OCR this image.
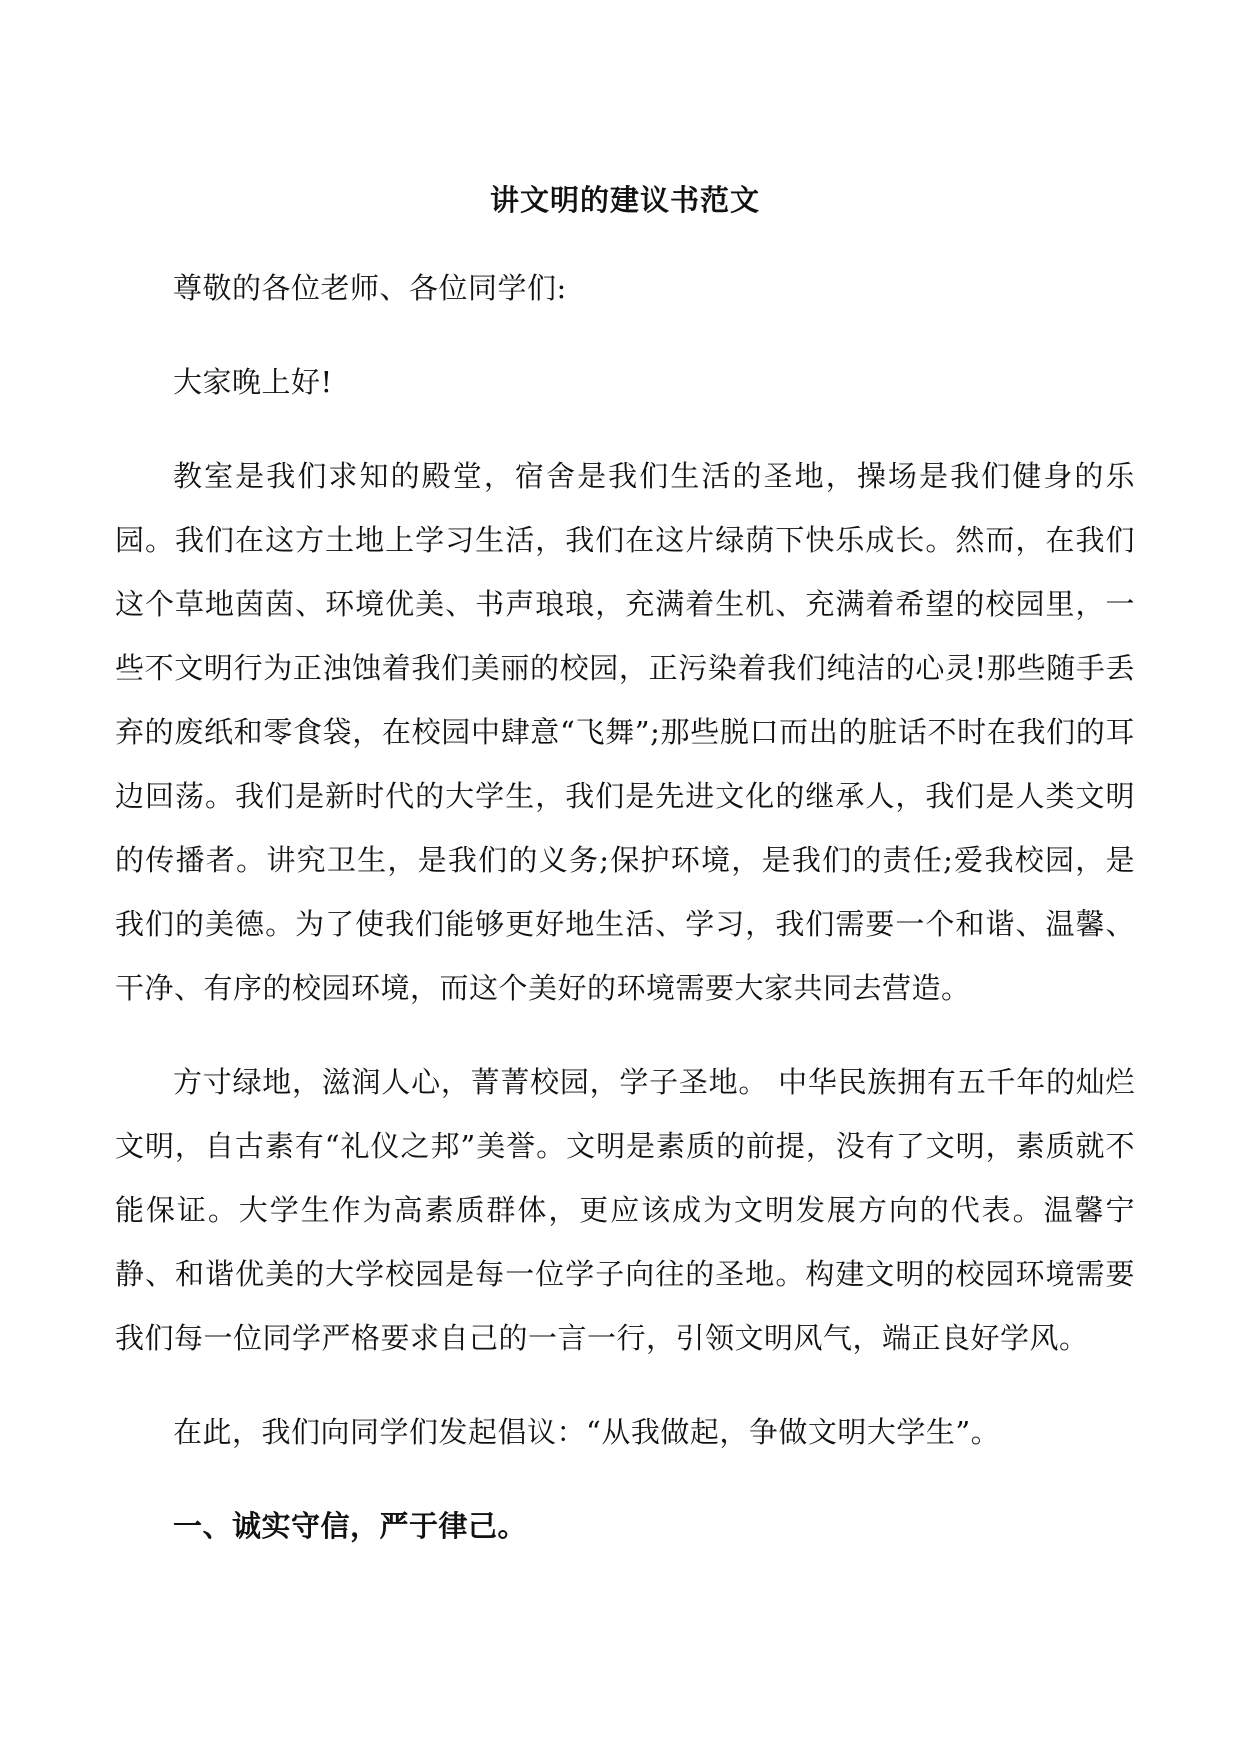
讲文明的建议书范文

尊敬的各位老师、各位同学们:

大家晚上好!

教室是我们求知的殿堂，宿舍是我们生活的圣地，操场是我们健身的乐园。我们在这方土地上学习生活，我们在这片绿荫下快乐成长。然而，在我们这个草地茵茵、环境优美、书声琅琅，充满着生机、充满着希望的校园里，一些不文明行为正浊蚀着我们美丽的校园，正污染着我们纯洁的心灵!那些随手丢弃的废纸和零食袋，在校园中肆意“飞舞”;那些脱口而出的脏话不时在我们的耳边回荡。我们是新时代的大学生，我们是先进文化的继承人，我们是人类文明的传播者。讲究卫生，是我们的义务;保护环境，是我们的责任;爱我校园，是我们的美德。为了使我们能够更好地生活、学习，我们需要一个和谐、温馨、干净、有序的校园环境，而这个美好的环境需要大家共同去营造。

方寸绿地，滋润人心，菁菁校园，学子圣地。 中华民族拥有五千年的灿烂文明，自古素有“礼仪之邦”美誉。文明是素质的前提，没有了文明，素质就不能保证。大学生作为高素质群体，更应该成为文明发展方向的代表。温馨宁静、和谐优美的大学校园是每一位学子向往的圣地。构建文明的校园环境需要我们每一位同学严格要求自己的一言一行，引领文明风气，端正良好学风。

在此，我们向同学们发起倡议：“从我做起，争做文明大学生”。

一、诚实守信，严于律己。
